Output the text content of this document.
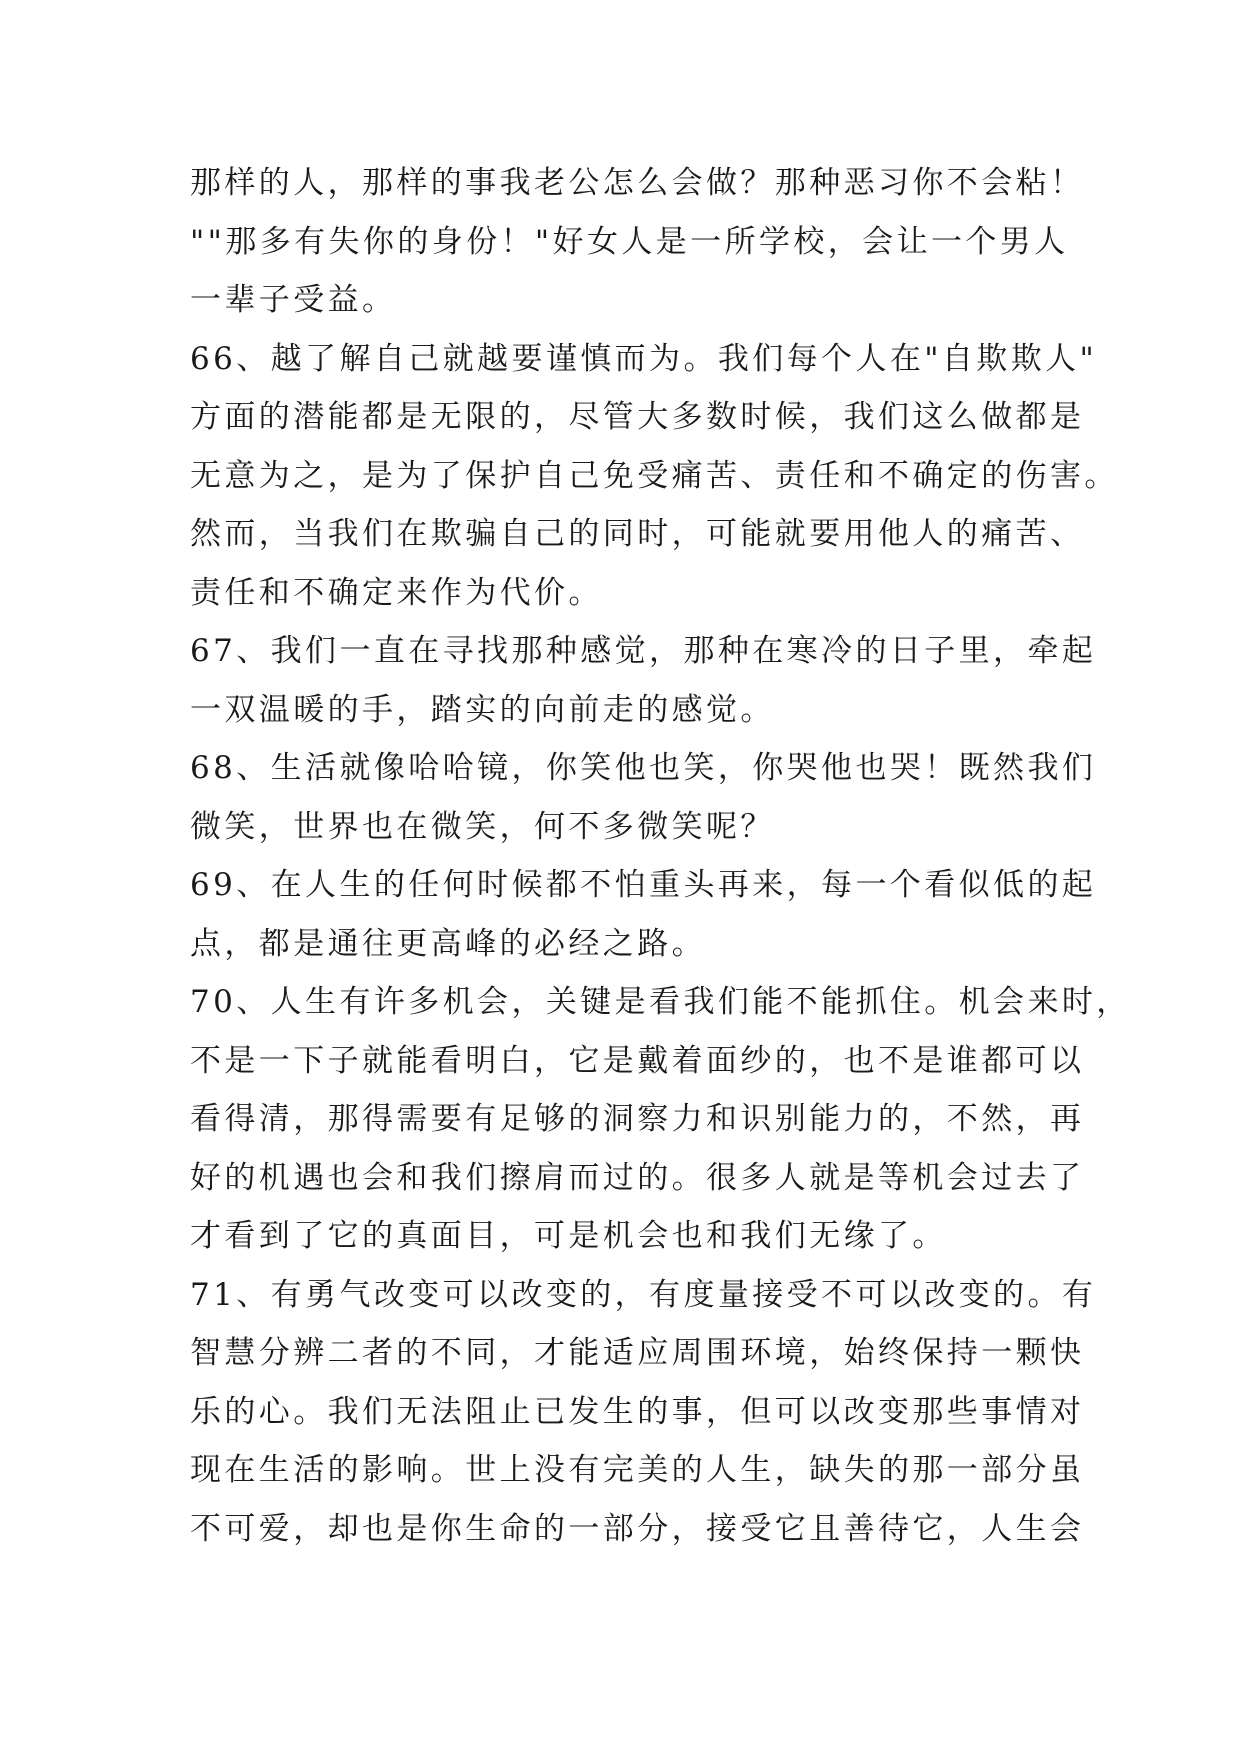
那样的人，那样的事我老公怎么会做？那种恶习你不会粘！
""那多有失你的身份！"好女人是一所学校，会让一个男人
一辈子受益。
66、越了解自己就越要谨慎而为。我们每个人在"自欺欺人"
方面的潜能都是无限的，尽管大多数时候，我们这么做都是
无意为之，是为了保护自己免受痛苦、责任和不确定的伤害。
然而，当我们在欺骗自己的同时，可能就要用他人的痛苦、
责任和不确定来作为代价。
67、我们一直在寻找那种感觉，那种在寒冷的日子里，牵起
一双温暖的手，踏实的向前走的感觉。
68、生活就像哈哈镜，你笑他也笑，你哭他也哭！既然我们
微笑，世界也在微笑，何不多微笑呢？
69、在人生的任何时候都不怕重头再来，每一个看似低的起
点，都是通往更高峰的必经之路。
70、人生有许多机会，关键是看我们能不能抓住。机会来时，
不是一下子就能看明白，它是戴着面纱的，也不是谁都可以
看得清，那得需要有足够的洞察力和识别能力的，不然，再
好的机遇也会和我们擦肩而过的。很多人就是等机会过去了
才看到了它的真面目，可是机会也和我们无缘了。
71、有勇气改变可以改变的，有度量接受不可以改变的。有
智慧分辨二者的不同，才能适应周围环境，始终保持一颗快
乐的心。我们无法阻止已发生的事，但可以改变那些事情对
现在生活的影响。世上没有完美的人生，缺失的那一部分虽
不可爱，却也是你生命的一部分，接受它且善待它，人生会
